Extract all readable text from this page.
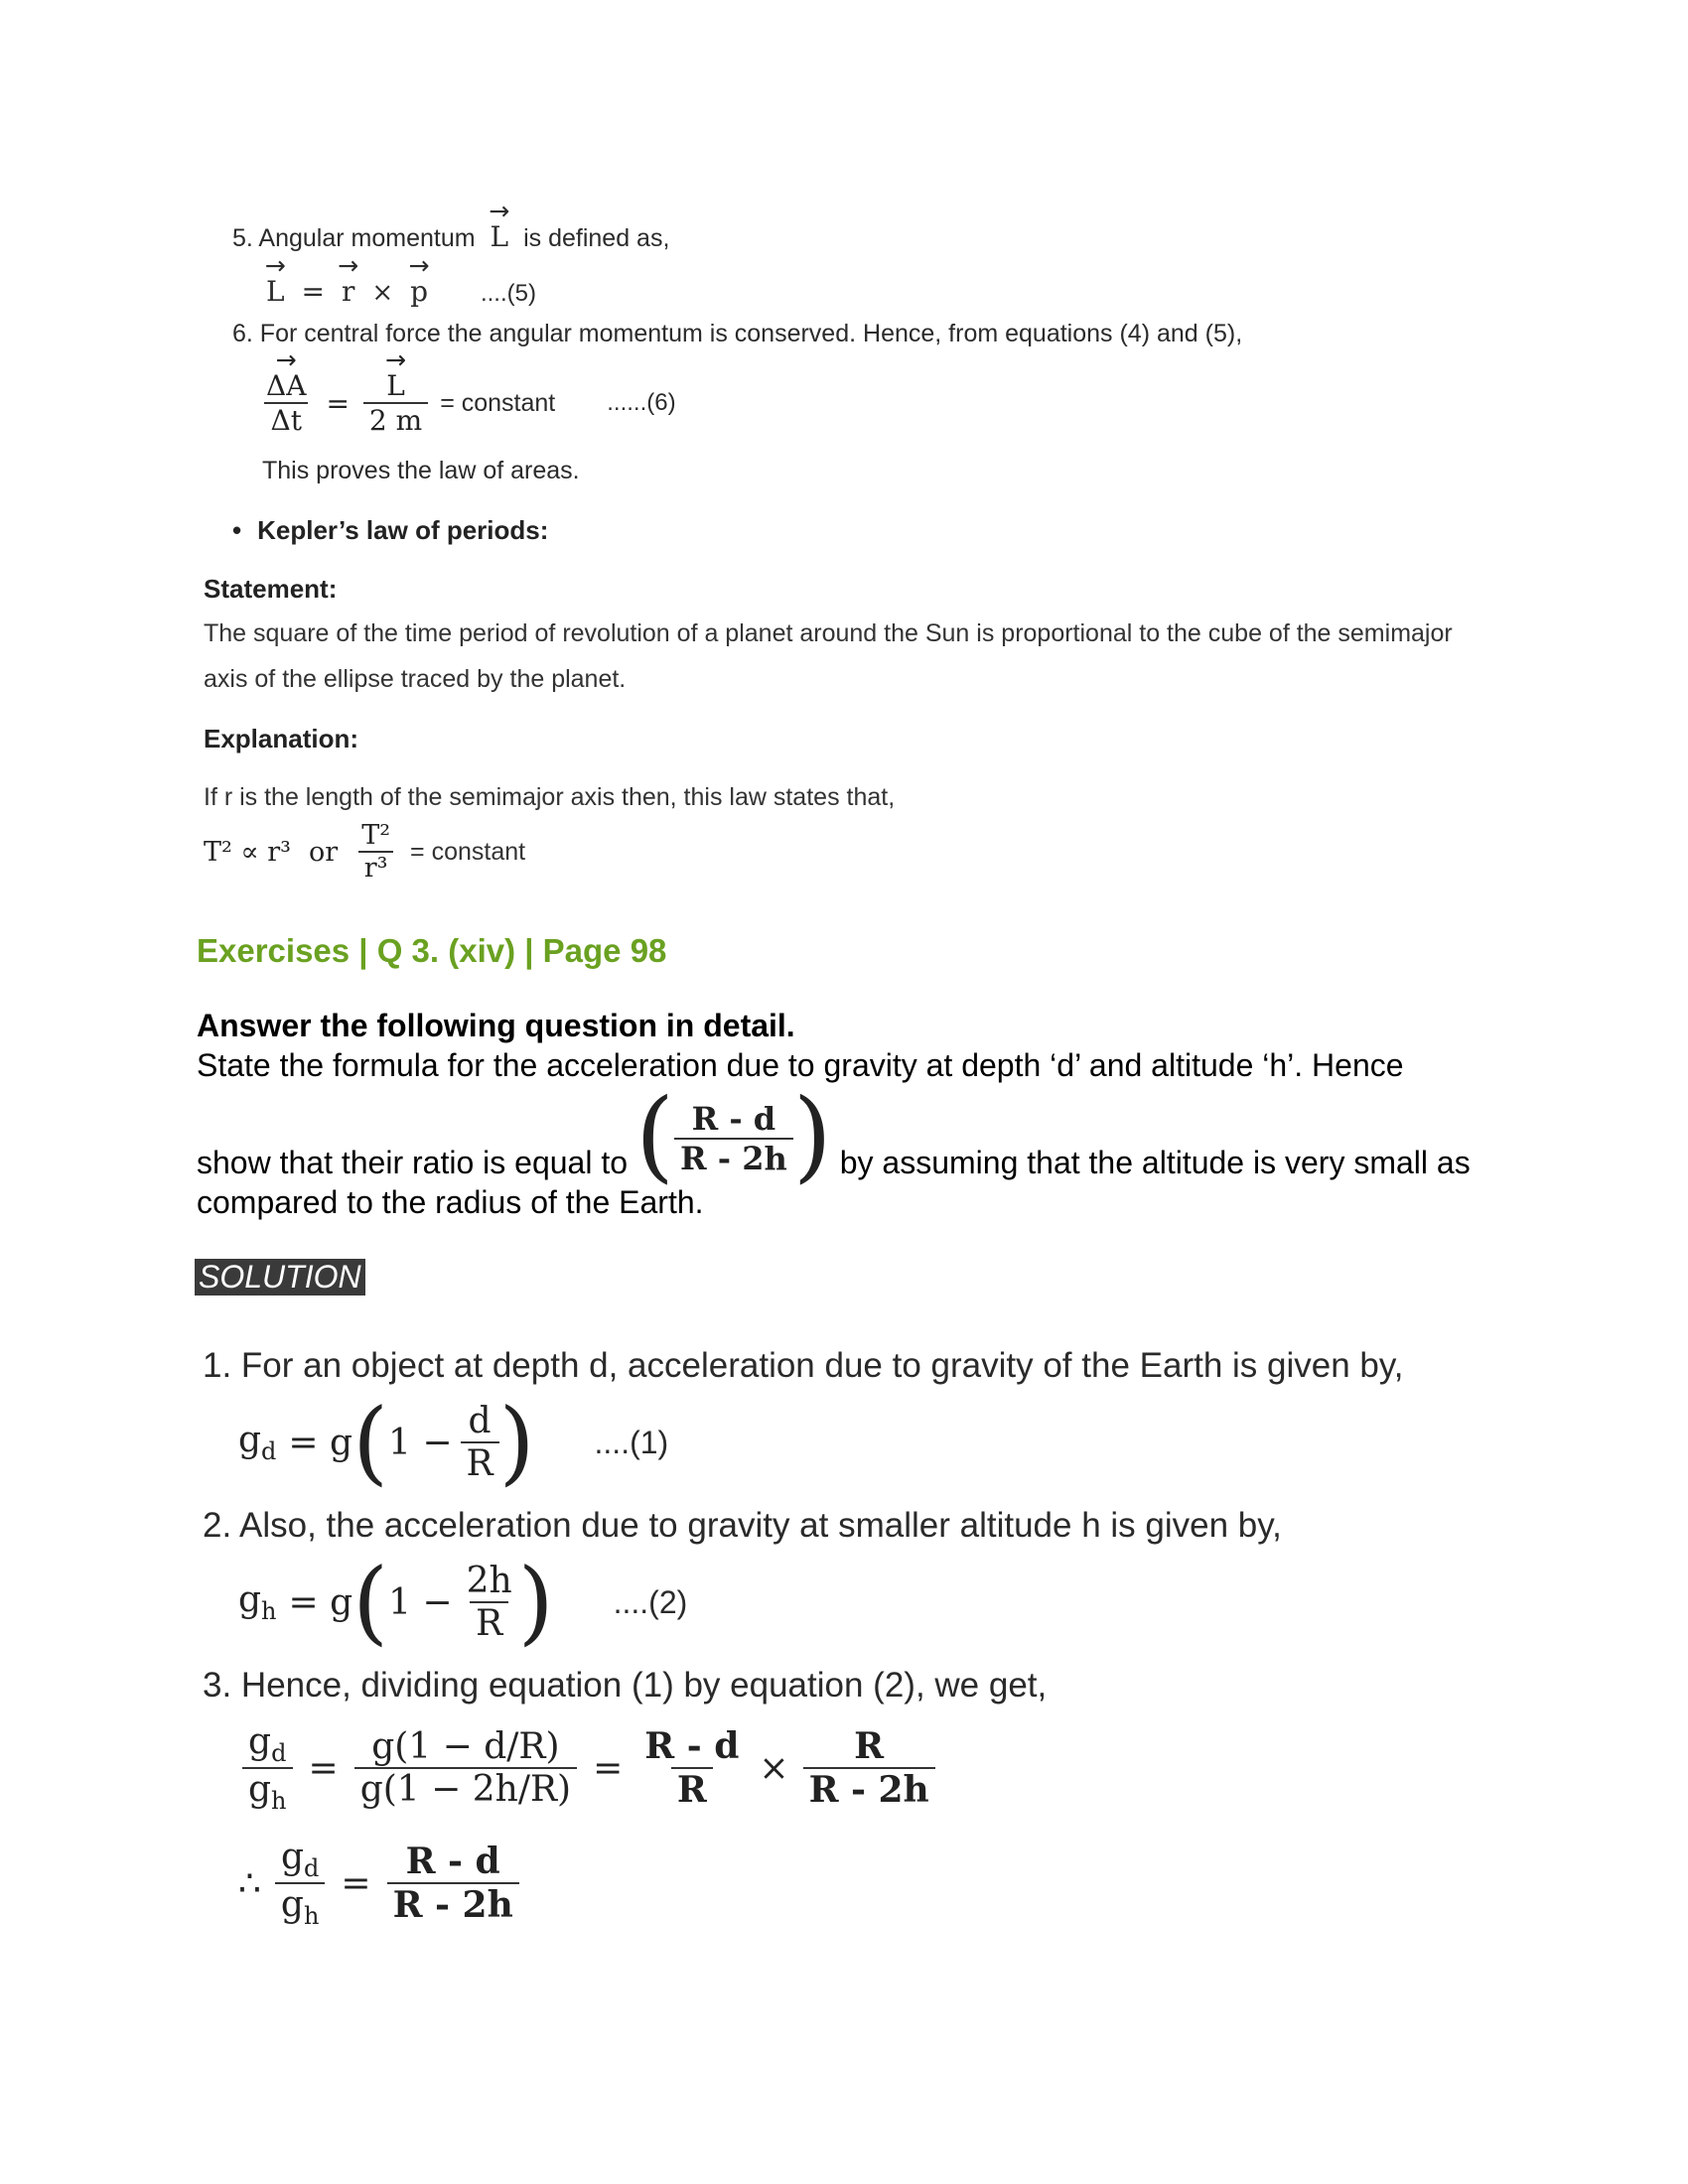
5. Angular momentum → L is defined as,
→ L = → r × → p ....(5)
6. For central force the angular momentum is conserved. Hence, from equations (4) and (5),
→ $\frac{\Delta A}{\Delta t}$ = → $\frac{L}{2 m}$ = constant ......(6)
This proves the law of areas.
• Kepler’s law of periods:
Statement:
The square of the time period of revolution of a planet around the Sun is proportional to the cube of the semimajor
axis of the ellipse traced by the planet.
Explanation:
If r is the length of the semimajor axis then, this law states that,
T² ∝ r³ or $\frac{\text{T²}}{\text{r³}}$ = constant
Exercises | Q 3. (xiv) | Page 98
Answer the following question in detail.
State the formula for the acceleration due to gravity at depth ‘d’ and altitude ‘h’. Hence
show that their ratio is equal to ( $\frac{R - d}{R - 2h}$ ) by assuming that the altitude is very small as
compared to the radius of the Earth.
SOLUTION
1. For an object at depth d, acceleration due to gravity of the Earth is given by,
$g_d = g$ ( $1 - \frac{d}{R}$ ) ....(1)
2. Also, the acceleration due to gravity at smaller altitude h is given by,
$g_h = g$ ( $1 - \frac{2h}{R}$ ) ....(2)
3. Hence, dividing equation (1) by equation (2), we get,
$\frac{g_d}{g_h} = \frac{g(1 - d/R)}{g(1 - 2h/R)} = \frac{R - d}{R} \times \frac{R}{R - 2h}$
∴ $\frac{g_d}{g_h} = \frac{R - d}{R - 2h}$
